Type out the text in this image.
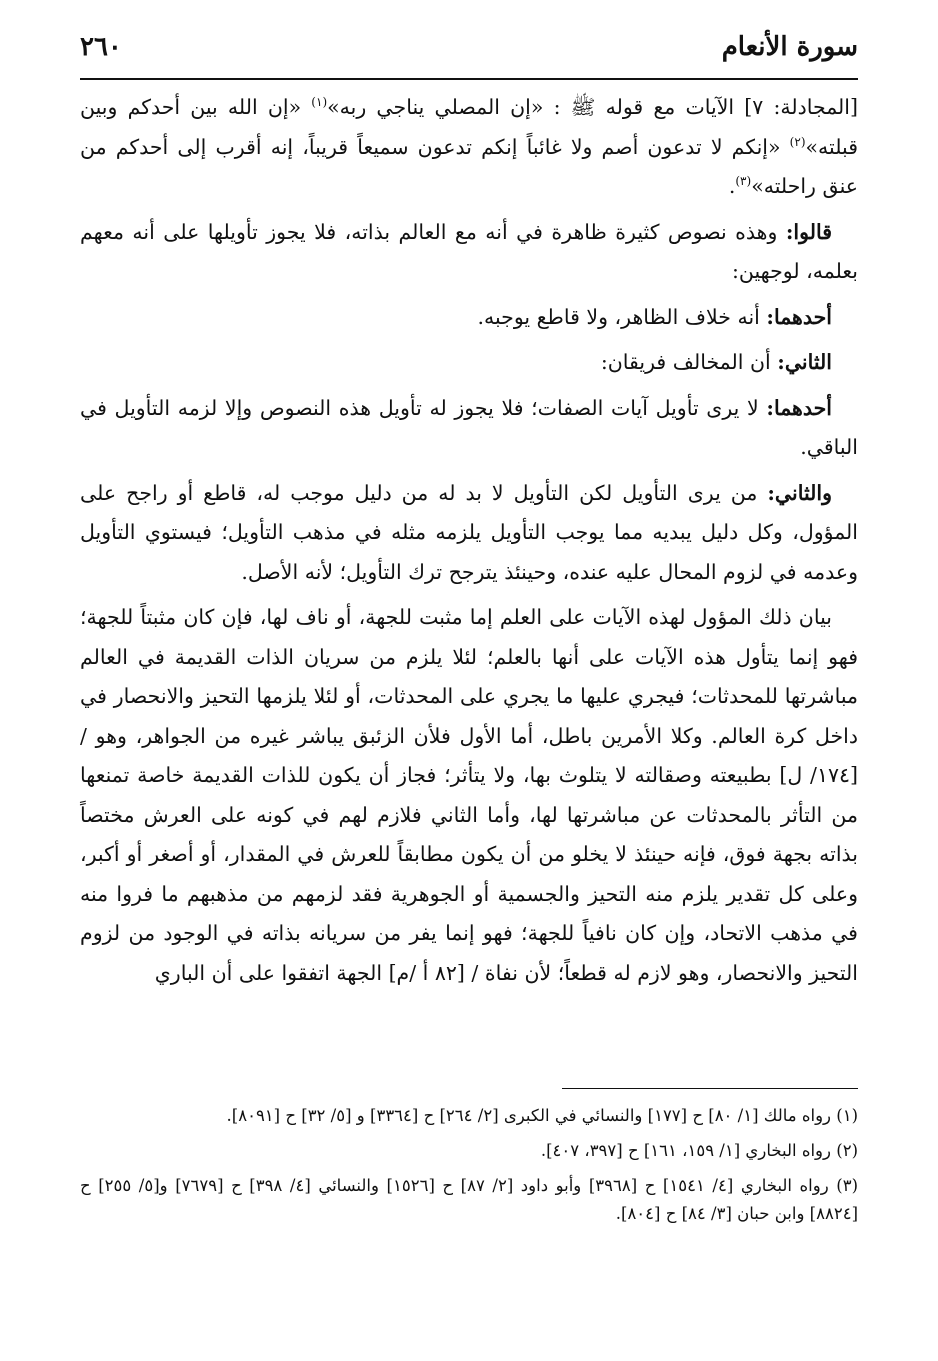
سورة الأنعام
٢٦٠

[المجادلة: ٧] الآيات مع قوله ﷺ : «إن المصلي يناجي ربه»$^{(١)}$ «إن الله بين أحدكم وبين قبلته»$^{(٢)}$ «إنكم لا تدعون أصم ولا غائباً إنكم تدعون سميعاً قريباً، إنه أقرب إلى أحدكم من عنق راحلته»$^{(٣)}$.

قالوا: وهذه نصوص كثيرة ظاهرة في أنه مع العالم بذاته، فلا يجوز تأويلها على أنه معهم بعلمه، لوجهين:

أحدهما: أنه خلاف الظاهر، ولا قاطع يوجبه.

الثاني: أن المخالف فريقان:

أحدهما: لا يرى تأويل آيات الصفات؛ فلا يجوز له تأويل هذه النصوص وإلا لزمه التأويل في الباقي.

والثاني: من يرى التأويل لكن التأويل لا بد له من دليل موجب له، قاطع أو راجح على المؤول، وكل دليل يبديه مما يوجب التأويل يلزمه مثله في مذهب التأويل؛ فيستوي التأويل وعدمه في لزوم المحال عليه عنده، وحينئذ يترجح ترك التأويل؛ لأنه الأصل.

بيان ذلك المؤول لهذه الآيات على العلم إما مثبت للجهة، أو ناف لها، فإن كان مثبتاً للجهة؛ فهو إنما يتأول هذه الآيات على أنها بالعلم؛ لئلا يلزم من سريان الذات القديمة في العالم مباشرتها للمحدثات؛ فيجري عليها ما يجري على المحدثات، أو لئلا يلزمها التحيز والانحصار في داخل كرة العالم. وكلا الأمرين باطل، أما الأول فلأن الزئبق يباشر غيره من الجواهر، وهو / [١٧٤/ ل] بطبيعته وصقالته لا يتلوث بها، ولا يتأثر؛ فجاز أن يكون للذات القديمة خاصة تمنعها من التأثر بالمحدثات عن مباشرتها لها، وأما الثاني فلازم لهم في كونه على العرش مختصاً بذاته بجهة فوق، فإنه حينئذ لا يخلو من أن يكون مطابقاً للعرش في المقدار، أو أصغر أو أكبر، وعلى كل تقدير يلزم منه التحيز والجسمية أو الجوهرية فقد لزمهم من مذهبهم ما فروا منه في مذهب الاتحاد، وإن كان نافياً للجهة؛ فهو إنما يفر من سريانه بذاته في الوجود من لزوم التحيز والانحصار، وهو لازم له قطعاً؛ لأن نفاة / [٨٢ أ /م] الجهة اتفقوا على أن الباري

(١) رواه مالك [١/ ٨٠] ح [١٧٧] والنسائي في الكبرى [٢/ ٢٦٤] ح [٣٣٦٤] و [٥/ ٣٢] ح [٨٠٩١].

(٢) رواه البخاري [١/ ١٥٩، ١٦١] ح [٣٩٧، ٤٠٧].

(٣) رواه البخاري [٤/ ١٥٤١] ح [٣٩٦٨] وأبو داود [٢/ ٨٧] ح [١٥٢٦] والنسائي [٤/ ٣٩٨] ح [٧٦٧٩] و[٥/ ٢٥٥] ح [٨٨٢٤] وابن حبان [٣/ ٨٤] ح [٨٠٤].
